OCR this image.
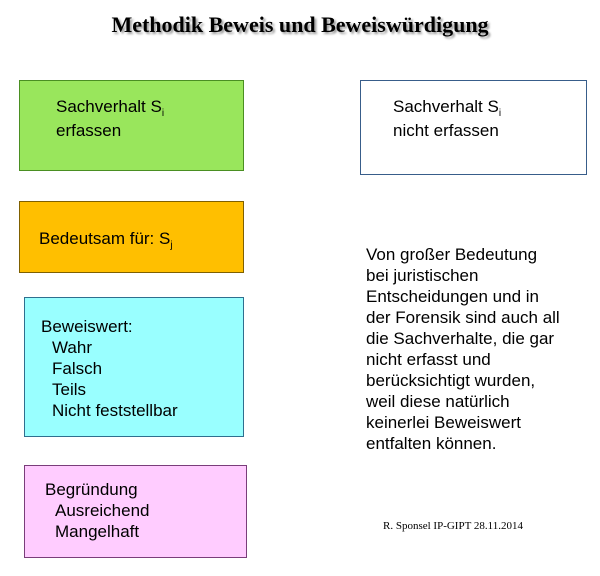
Methodik Beweis und Beweiswürdigung
Sachverhalt $S_i$
erfassen
Sachverhalt $S_i$
nicht erfassen
Bedeutsam für: $S_j$
Beweiswert:
Wahr
Falsch
Teils
Nicht feststellbar
Begründung
Ausreichend
Mangelhaft
Von großer Bedeutung
bei juristischen
Entscheidungen und in
der Forensik sind auch all
die Sachverhalte, die gar
nicht erfasst und
berücksichtigt wurden,
weil diese natürlich
keinerlei Beweiswert
entfalten können.
R. Sponsel IP-GIPT 28.11.2014
